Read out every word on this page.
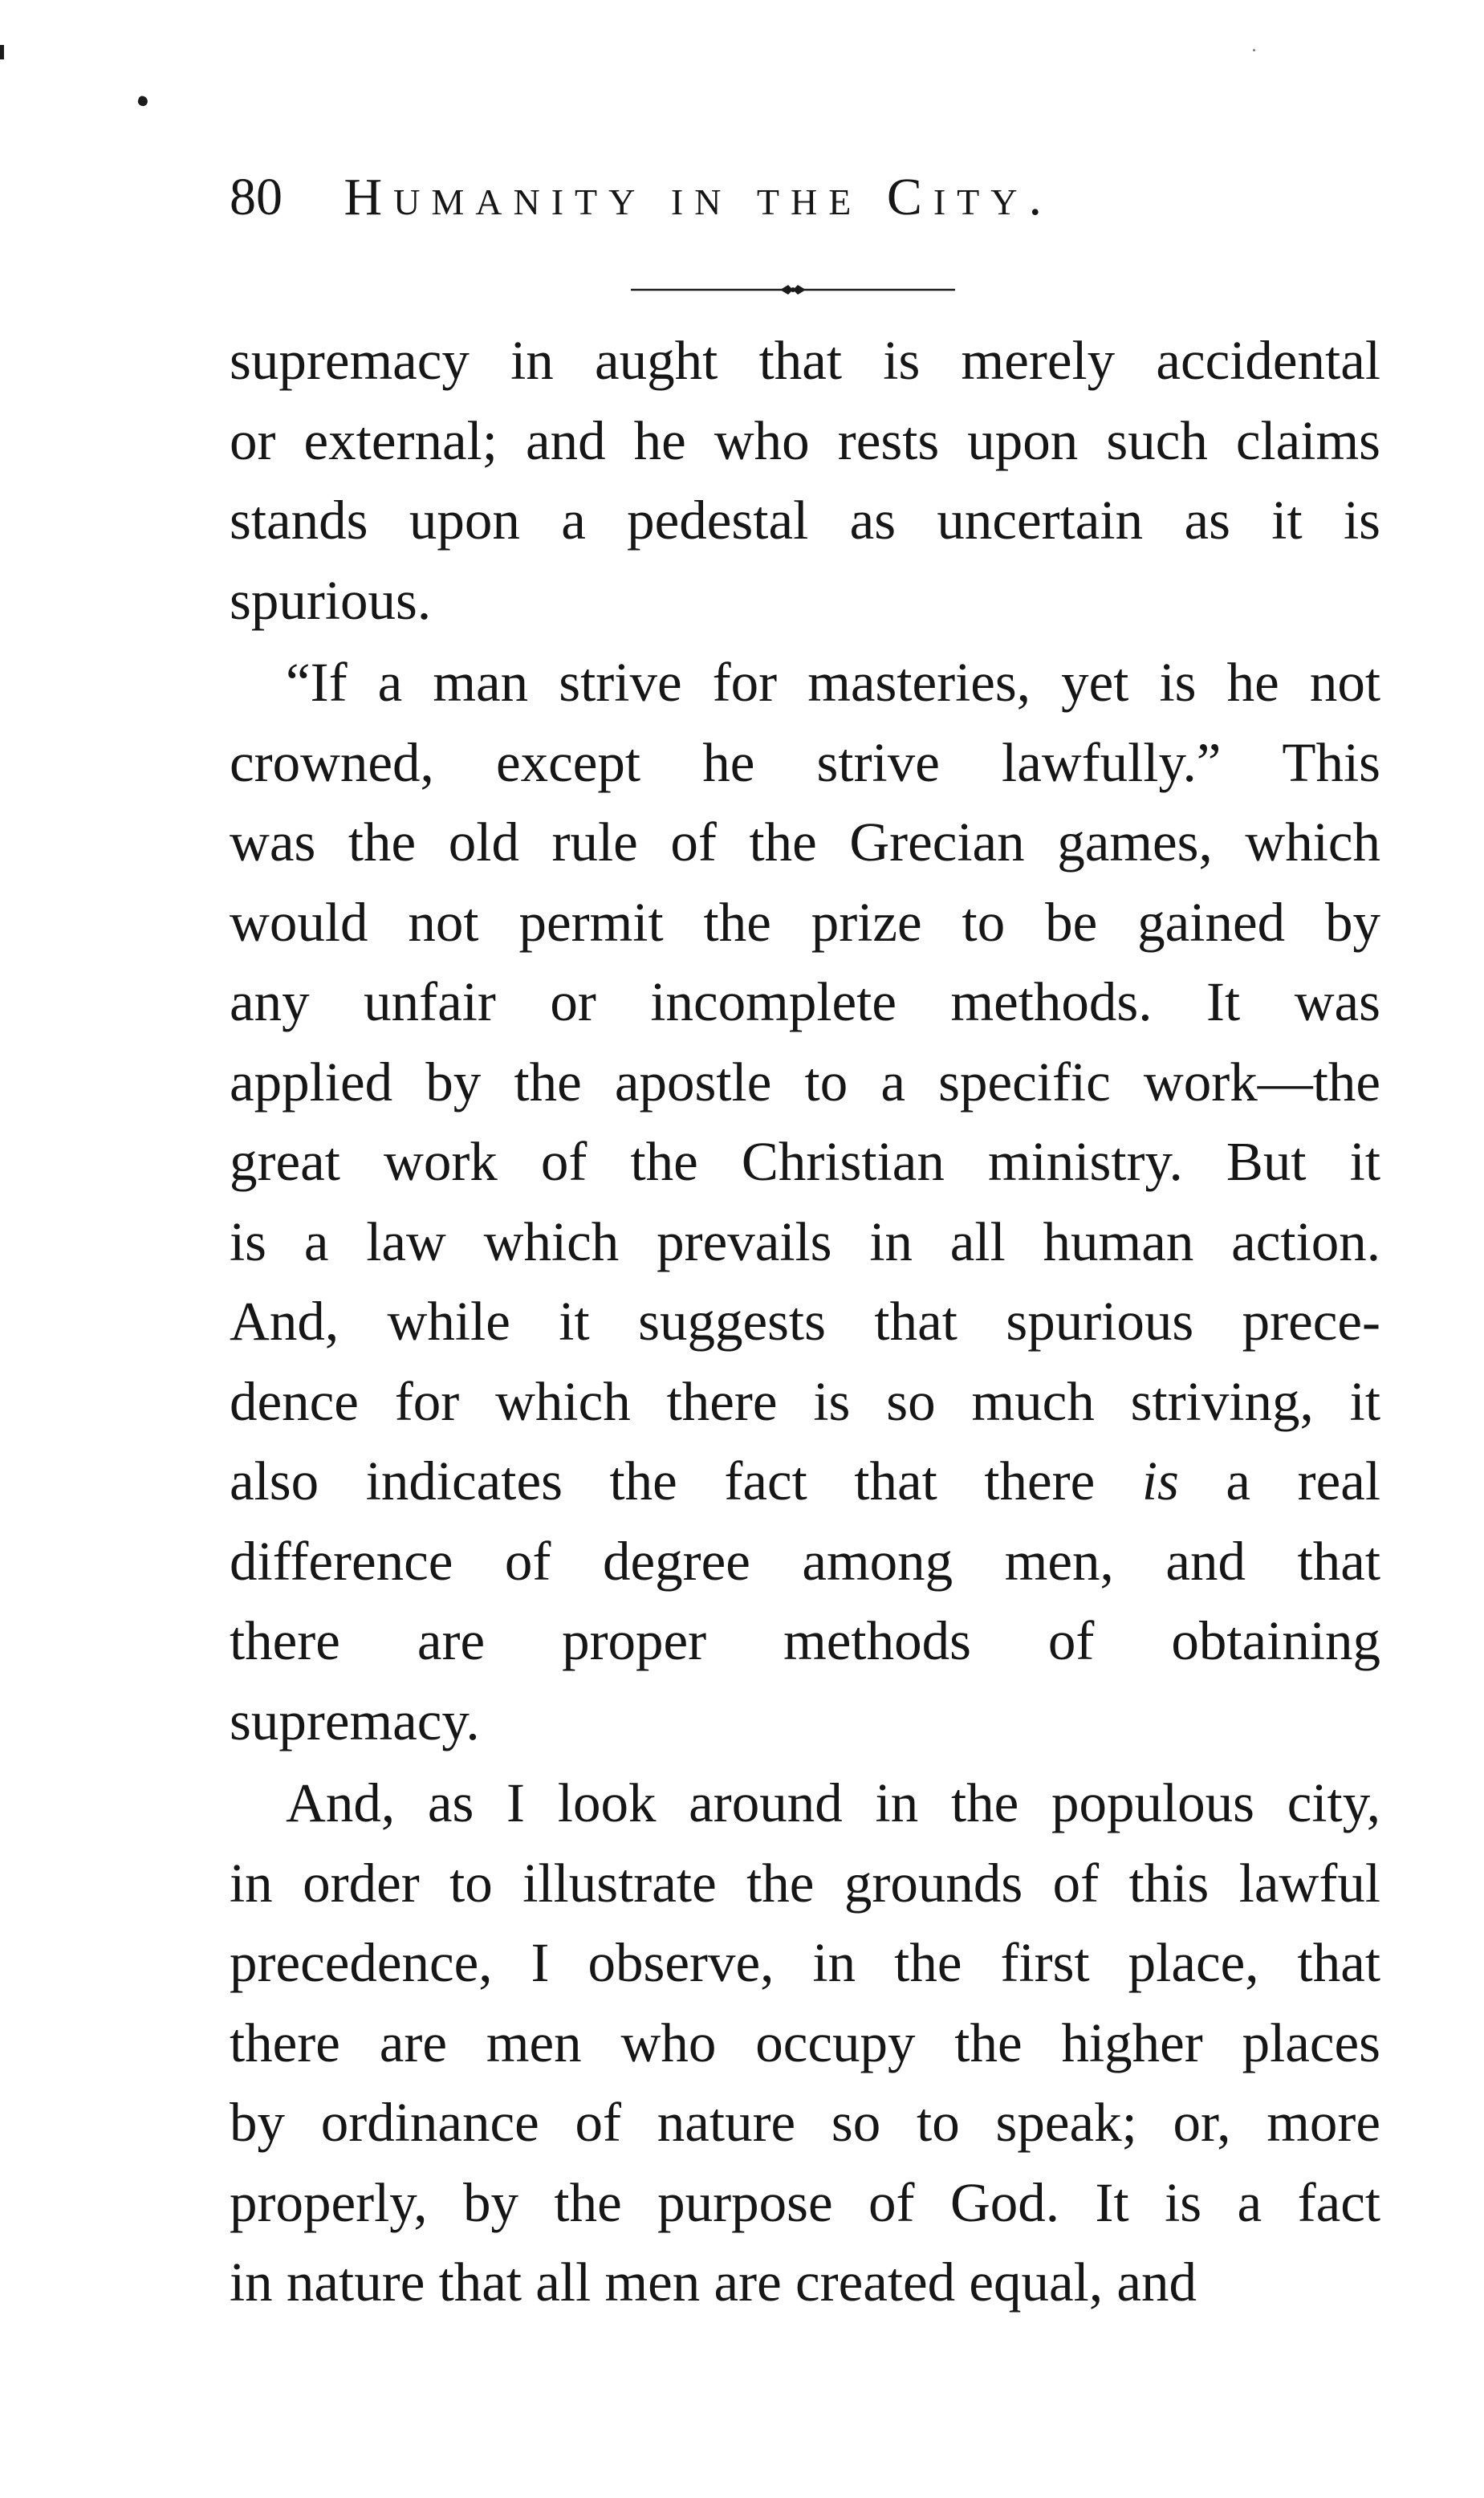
80 Humanity in the City.
supremacy in aught that is merely accidental
or external; and he who rests upon such claims
stands upon a pedestal as uncertain as it is
spurious.
“If a man strive for masteries, yet is he not
crowned, except he strive lawfully.” This
was the old rule of the Grecian games, which
would not permit the prize to be gained by
any unfair or incomplete methods. It was
applied by the apostle to a specific work—the
great work of the Christian ministry. But it
is a law which prevails in all human action.
And, while it suggests that spurious prece-
dence for which there is so much striving, it
also indicates the fact that there is a real
difference of degree among men, and that
there are proper methods of obtaining
supremacy.
And, as I look around in the populous city,
in order to illustrate the grounds of this lawful
precedence, I observe, in the first place, that
there are men who occupy the higher places
by ordinance of nature so to speak; or, more
properly, by the purpose of God. It is a fact
in nature that all men are created equal, and
